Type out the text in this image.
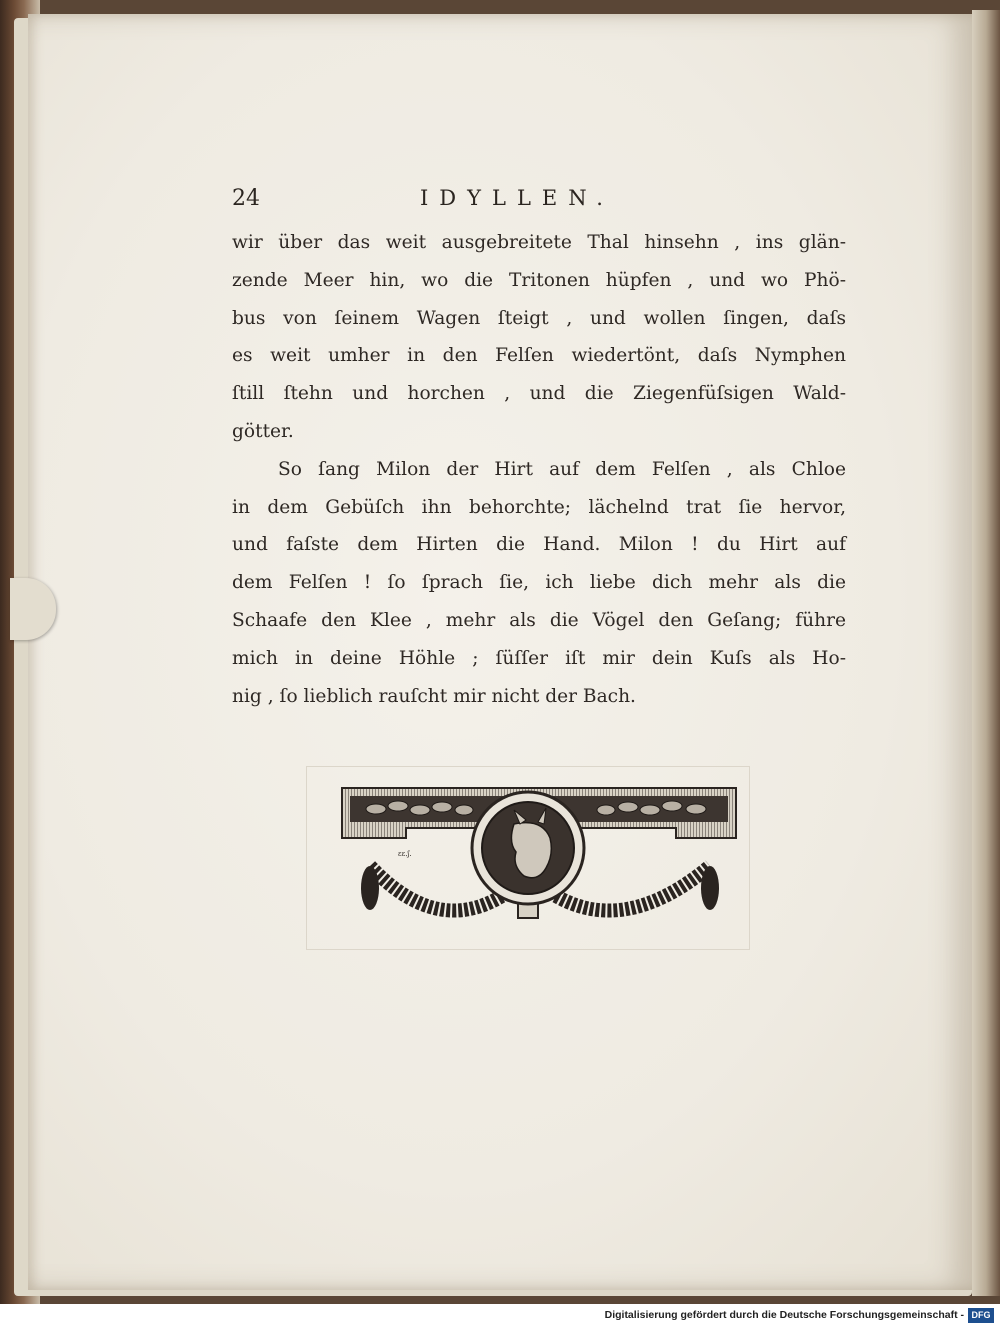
24	IDYLLEN.
wir über das weit ausgebreitete Thal hinsehn , ins glän-
zende Meer hin, wo die Tritonen hüpfen , und wo Phö-
bus von ſeinem Wagen ſteigt , und wollen ſingen, daſs
es weit umher in den Felſen wiedertönt, daſs Nymphen
ſtill ſtehn und horchen , und die Ziegenfüſsigen Wald-
götter.
So ſang Milon der Hirt auf dem Felſen , als Chloe
in dem Gebüſch ihn behorchte; lächelnd trat ſie hervor,
und faſste dem Hirten die Hand. Milon ! du Hirt auf
dem Felſen ! ſo ſprach ſie, ich liebe dich mehr als die
Schaafe den Klee , mehr als die Vögel den Geſang; führe
mich in deine Höhle ; ſüſſer iſt mir dein Kuſs als Ho-
nig , ſo lieblich rauſcht mir nicht der Bach.
ɛɛ.ʃ.
Digitalisierung gefördert durch die Deutsche Forschungsgemeinschaft - DFG
